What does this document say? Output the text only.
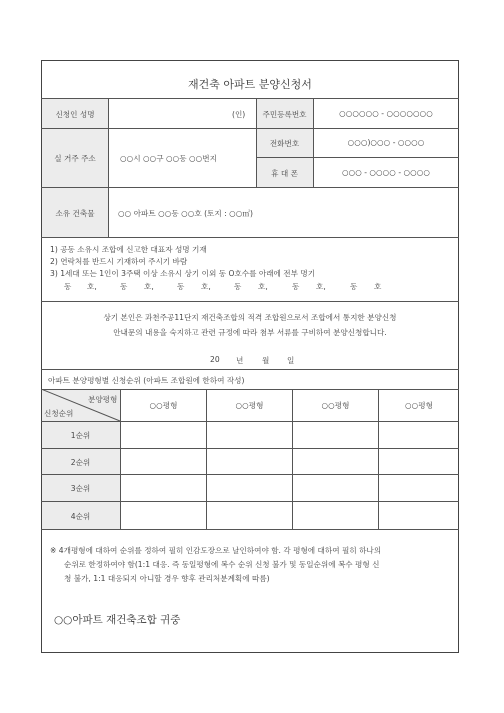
재건축 아파트 분양신청서
신청인 성명	(인)	주민등록번호	○○○○○○ - ○○○○○○○
실 거주 주소	○○시 ○○구 ○○동 ○○번지
전화번호	○○○)○○○ - ○○○○
휴 대 폰	○○○ - ○○○○ - ○○○○
소유 건축물	○○ 아파트 ○○동 ○○호 (토지 : ○○㎡)
1) 공동 소유시 조합에 신고한 대표자 성명 기재
2) 연락처를 반드시 기재하여 주시기 바람
3) 1세대 또는 1인이 3주택 이상 소유시 상기 이외 동 O호수를 아래에 전부 명기
동 호,	동 호,	동 호,	동 호,	동 호,	동 호
상기 본인은 과천주공11단지 재건축조합의 적격 조합원으로서 조합에서 통지한 분양신청
안내문의 내용을 숙지하고 관련 규정에 따라 첨부 서류를 구비하여 분양신청합니다.
20 년 월 일
아파트 분양평형별 신청순위 (아파트 조합원에 한하여 작성)
분양평형
신청순위
○○평형	○○평형	○○평형	○○평형
1순위
2순위
3순위
4순위
※ 4개평형에 대하여 순위를 정하여 필히 인감도장으로 날인하여야 함. 각 평형에 대하여 필히 하나의
순위로 한정하여야 함(1:1 대응. 즉 동일평형에 복수 순위 신청 불가 및 동일순위에 복수 평형 신
청 불가, 1:1 대응되지 아니할 경우 향후 관리처분계획에 따름)
○○아파트 재건축조합 귀중
